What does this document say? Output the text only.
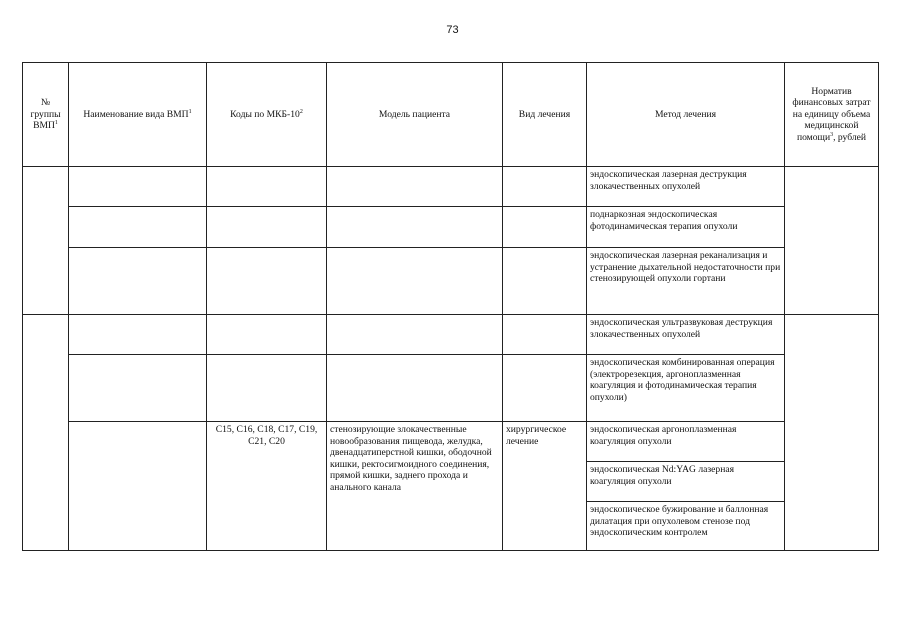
73
№ группы ВМП$^1$	Наименование вида ВМП$^1$	Коды по МКБ-$10^2$	Модель пациента	Вид лечения	Метод лечения	Норматив финансовых затрат на единицу объема медицинской помощи$^3$, рублей
					эндоскопическая лазерная деструкция злокачественных опухолей	
					поднаркозная эндоскопическая фотодинамическая терапия опухоли	
					эндоскопическая лазерная реканализация и устранение дыхательной недостаточности при стенозирующей опухоли гортани	
					эндоскопическая ультразвуковая деструкция злокачественных опухолей	
					эндоскопическая комбинированная операция (электрорезекция, аргоноплазменная коагуляция и фотодинамическая терапия опухоли)	
		C15, C16, C18, C17, C19, C21, C20	стенозирующие злокачественные новообразования пищевода, желудка, двенадцатиперстной кишки, ободочной кишки, ректосигмоидного соединения, прямой кишки, заднего прохода и анального канала	хирургическое лечение	эндоскопическая аргоноплазменная коагуляция опухоли	
					эндоскопическая Nd:YAG лазерная коагуляция опухоли	
					эндоскопическое бужирование и баллонная дилатация при опухолевом стенозе под эндоскопическим контролем	
